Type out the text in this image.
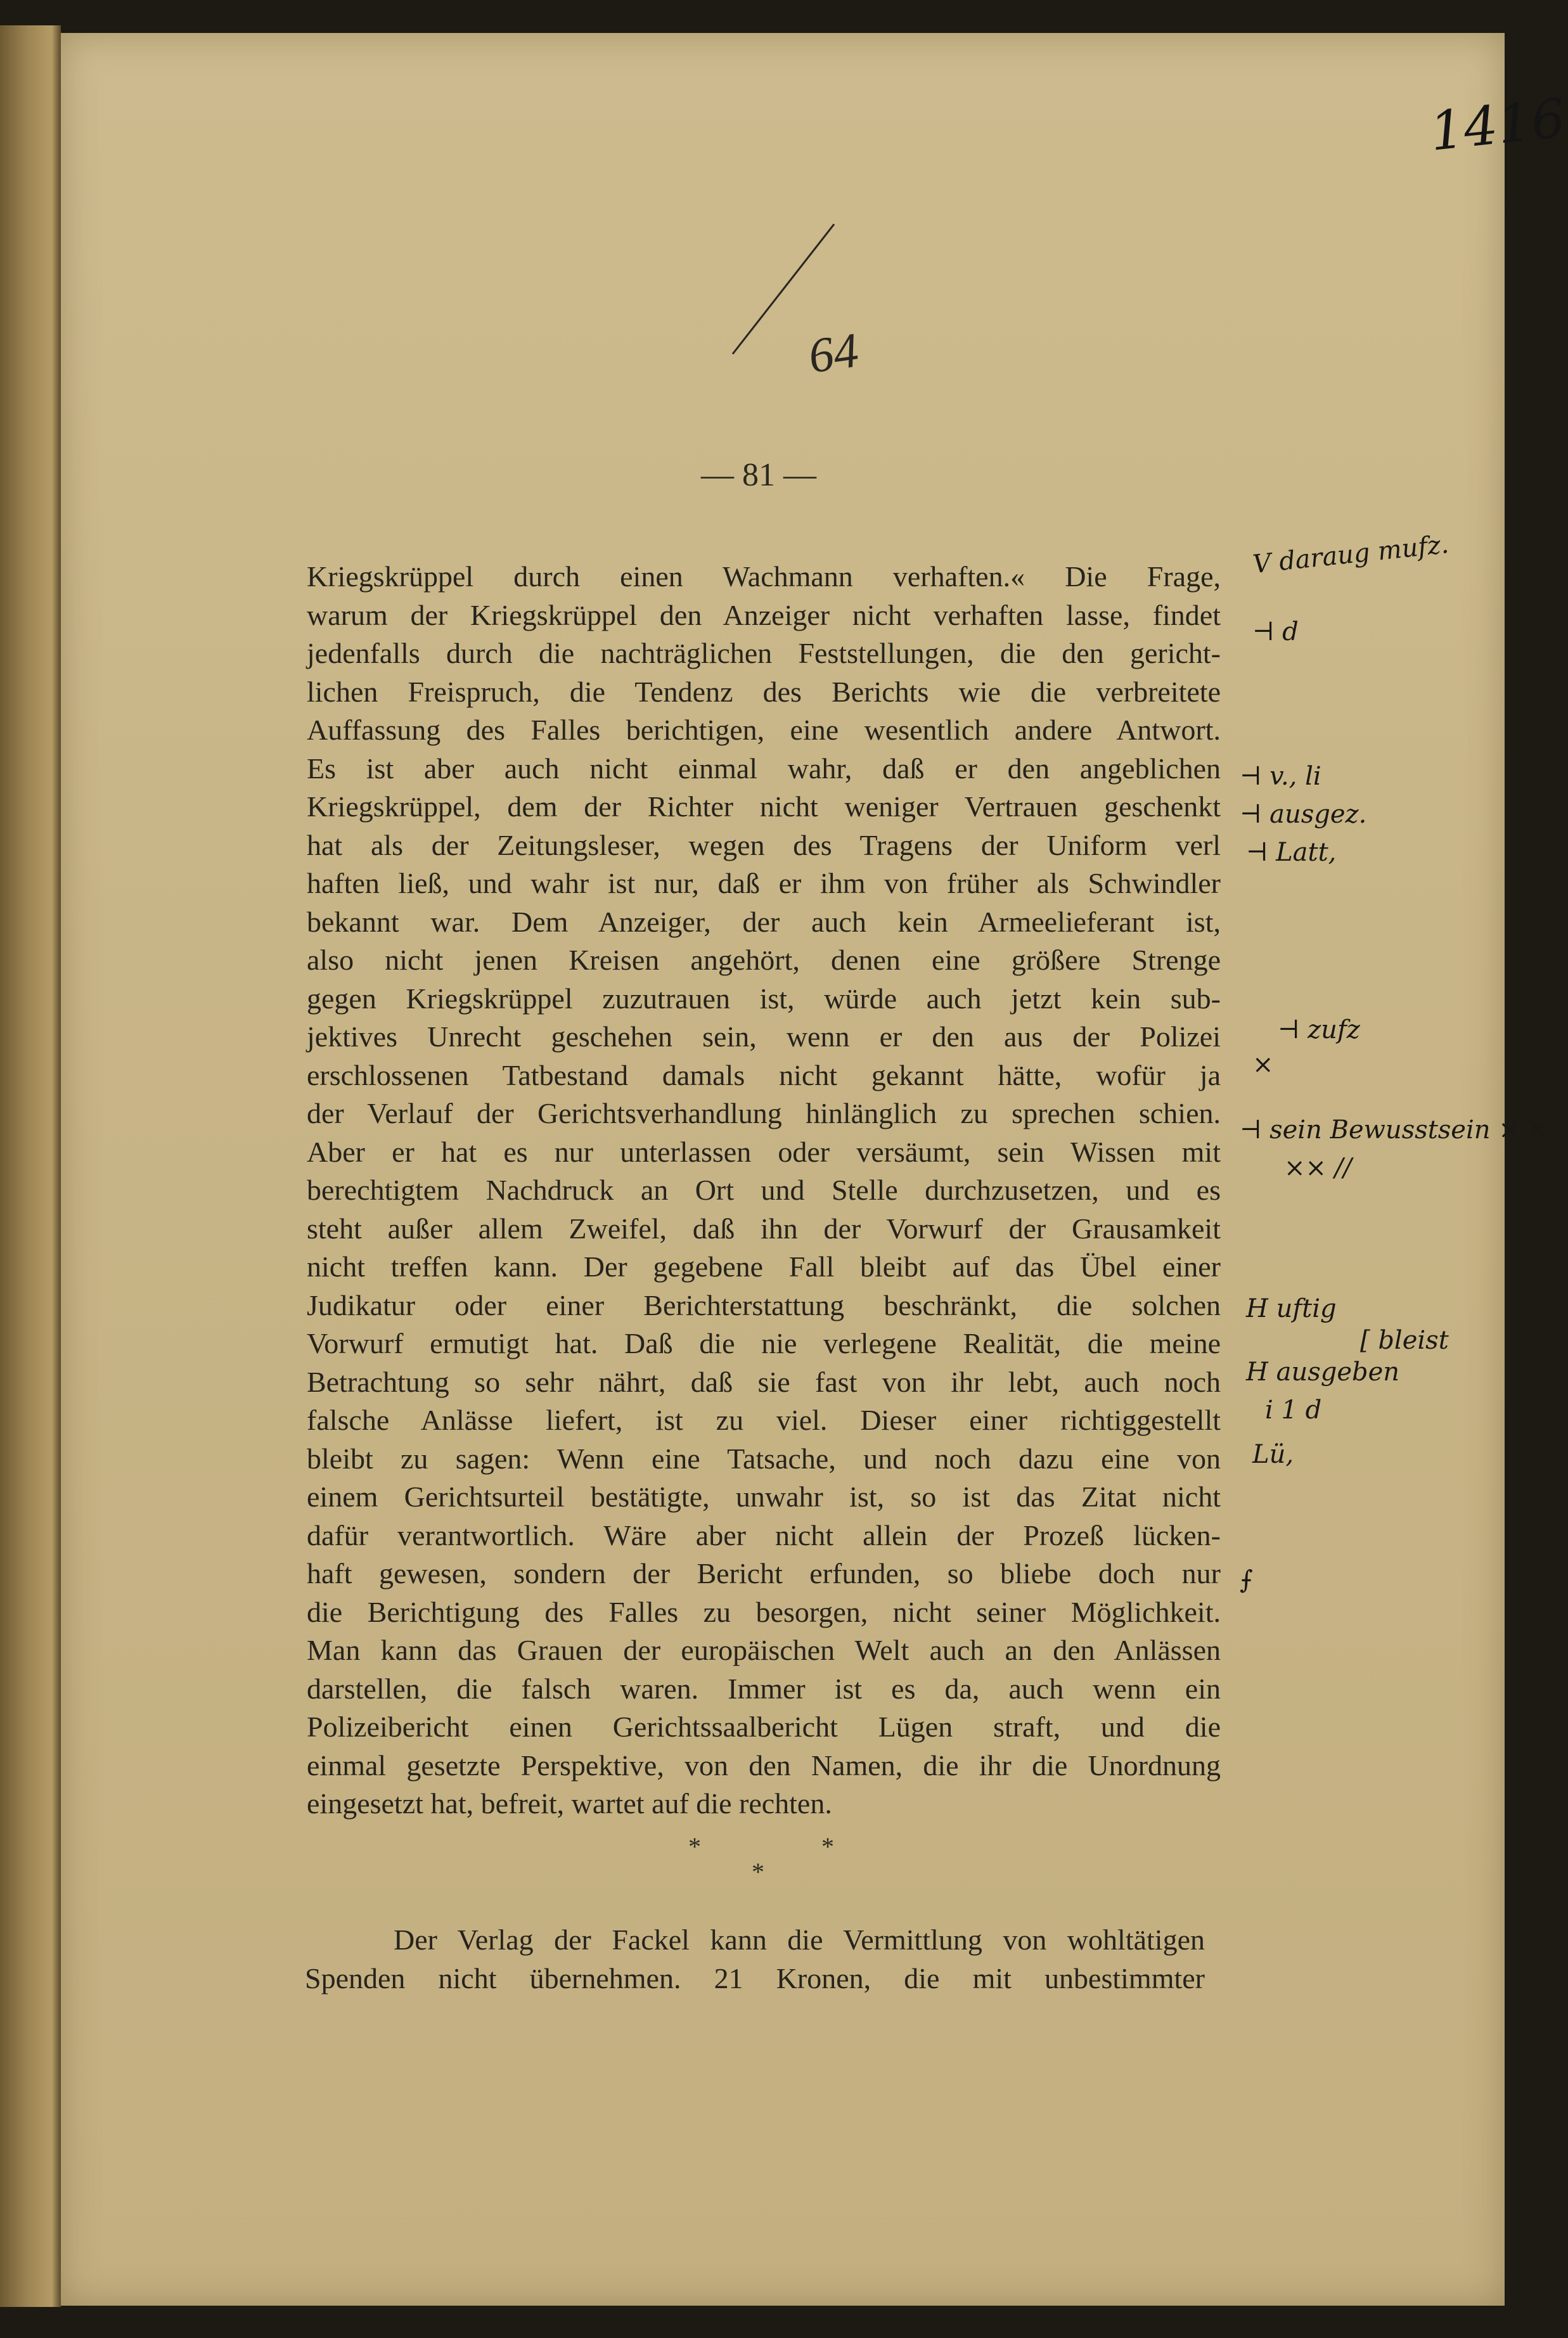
1416
64
— 81 —
Kriegskrüppel durch einen Wachmann verhaften.« Die Frage,
warum der Kriegskrüppel den Anzeiger nicht verhaften lasse, findet
jedenfalls durch die nachträglichen Feststellungen, die den gericht-
lichen Freispruch, die Tendenz des Berichts wie die verbreitete
Auffassung des Falles berichtigen, eine wesentlich andere Antwort.
Es ist aber auch nicht einmal wahr, daß er den angeblichen
Kriegskrüppel, dem der Richter nicht weniger Vertrauen geschenkt
hat als der Zeitungsleser, wegen des Tragens der Uniform verl
haften ließ, und wahr ist nur, daß er ihm von früher als Schwindler
bekannt war. Dem Anzeiger, der auch kein Armeelieferant ist,
also nicht jenen Kreisen angehört, denen eine größere Strenge
gegen Kriegskrüppel zuzutrauen ist, würde auch jetzt kein sub-
jektives Unrecht geschehen sein, wenn er den aus der Polizei
erschlossenen Tatbestand damals nicht gekannt hätte, wofür ja
der Verlauf der Gerichtsverhandlung hinlänglich zu sprechen schien.
Aber er hat es nur unterlassen oder versäumt, sein Wissen mit
berechtigtem Nachdruck an Ort und Stelle durchzusetzen, und es
steht außer allem Zweifel, daß ihn der Vorwurf der Grausamkeit
nicht treffen kann. Der gegebene Fall bleibt auf das Übel einer
Judikatur oder einer Berichterstattung beschränkt, die solchen
Vorwurf ermutigt hat. Daß die nie verlegene Realität, die meine
Betrachtung so sehr nährt, daß sie fast von ihr lebt, auch noch
falsche Anlässe liefert, ist zu viel. Dieser einer richtiggestellt
bleibt zu sagen: Wenn eine Tatsache, und noch dazu eine von
einem Gerichtsurteil bestätigte, unwahr ist, so ist das Zitat nicht
dafür verantwortlich. Wäre aber nicht allein der Prozeß lücken-
haft gewesen, sondern der Bericht erfunden, so bliebe doch nur
die Berichtigung des Falles zu besorgen, nicht seiner Möglichkeit.
Man kann das Grauen der europäischen Welt auch an den Anlässen
darstellen, die falsch waren. Immer ist es da, auch wenn ein
Polizeibericht einen Gerichtssaalbericht Lügen straft, und die
einmal gesetzte Perspektive, von den Namen, die ihr die Unordnung
eingesetzt hat, befreit, wartet auf die rechten.
V daraug mufz.
⊣ d
⊣ v., li
⊣ ausgez.
⊣ Latt,
⊣ zufz
×
⊣ sein Bewusstsein × ×
×× //
H uftig
[ bleist
H ausgeben
i 1 d
Lü,
⨍
* *
*
Der Verlag der Fackel kann die Vermittlung von wohltätigen
Spenden nicht übernehmen. 21 Kronen, die mit unbestimmter
